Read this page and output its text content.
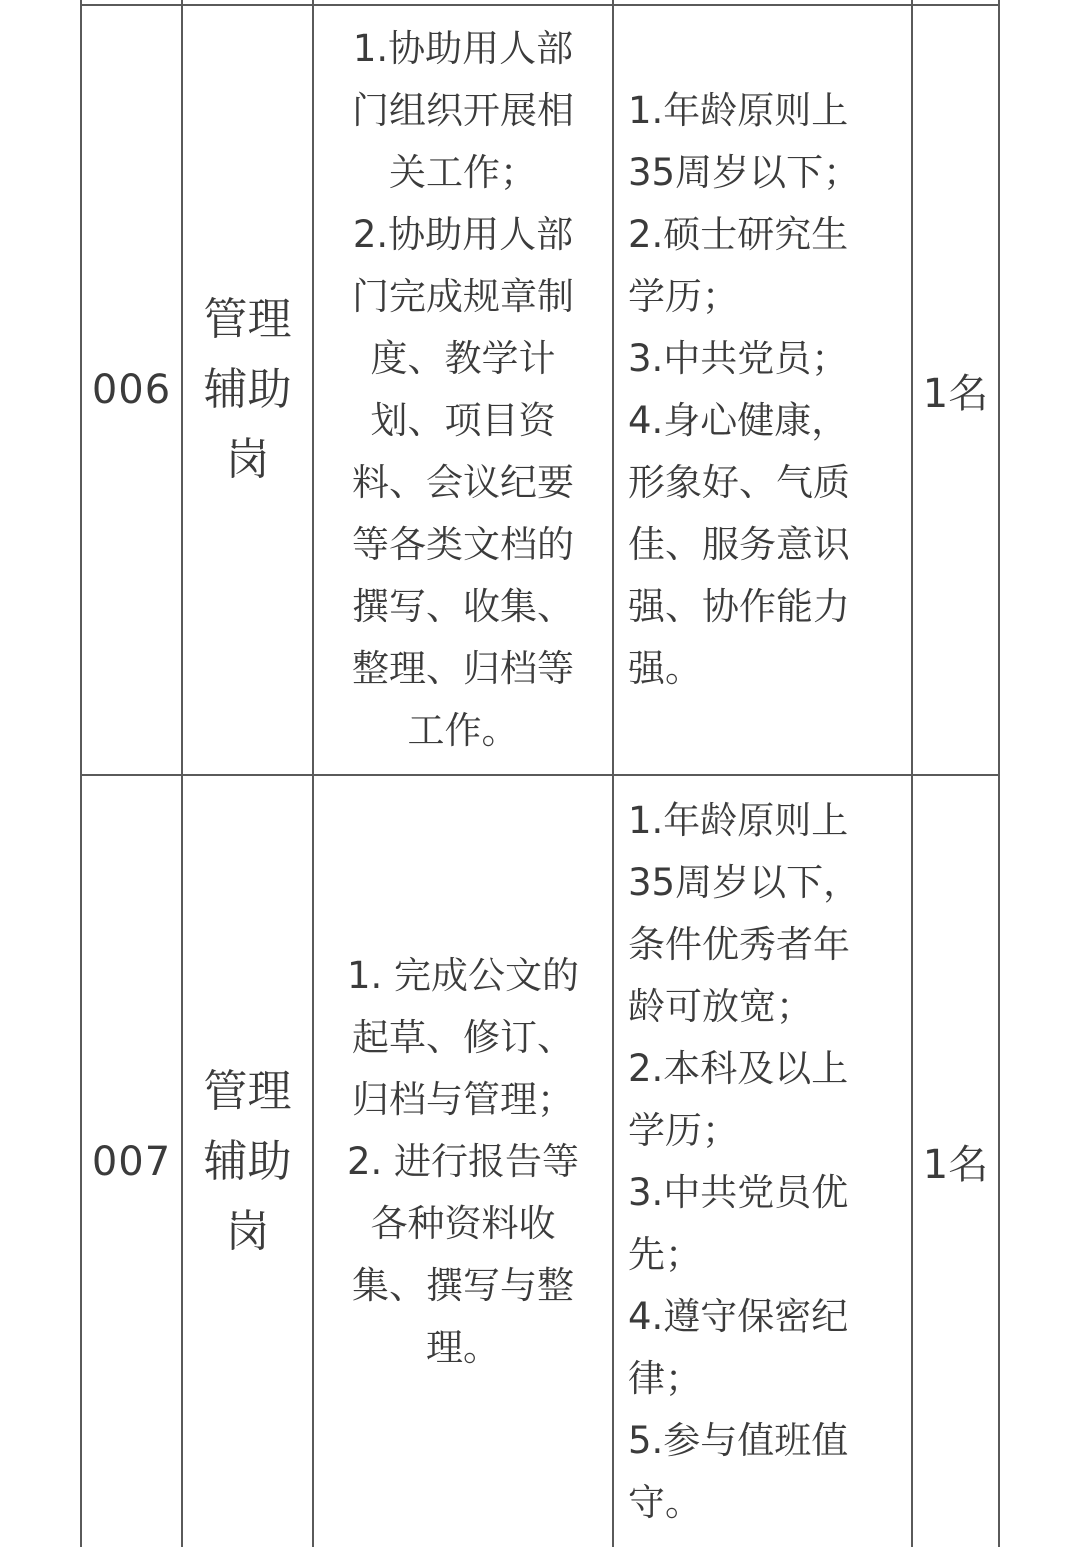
006
管理辅助岗
1.协助用人部
门组织开展相
关工作；
2.协助用人部
门完成规章制
度、教学计
划、项目资
料、会议纪要
等各类文档的
撰写、收集、
整理、归档等
工作。
1.年龄原则上
35周岁以下；
2.硕士研究生
学历；
3.中共党员；
4.身心健康，
形象好、气质
佳、服务意识
强、协作能力
强。
1名
007
管理辅助岗
1. 完成公文的
起草、修订、
归档与管理；
2. 进行报告等
各种资料收
集、撰写与整
理。
1.年龄原则上
35周岁以下，
条件优秀者年
龄可放宽；
2.本科及以上
学历；
3.中共党员优
先；
4.遵守保密纪
律；
5.参与值班值
守。
1名
